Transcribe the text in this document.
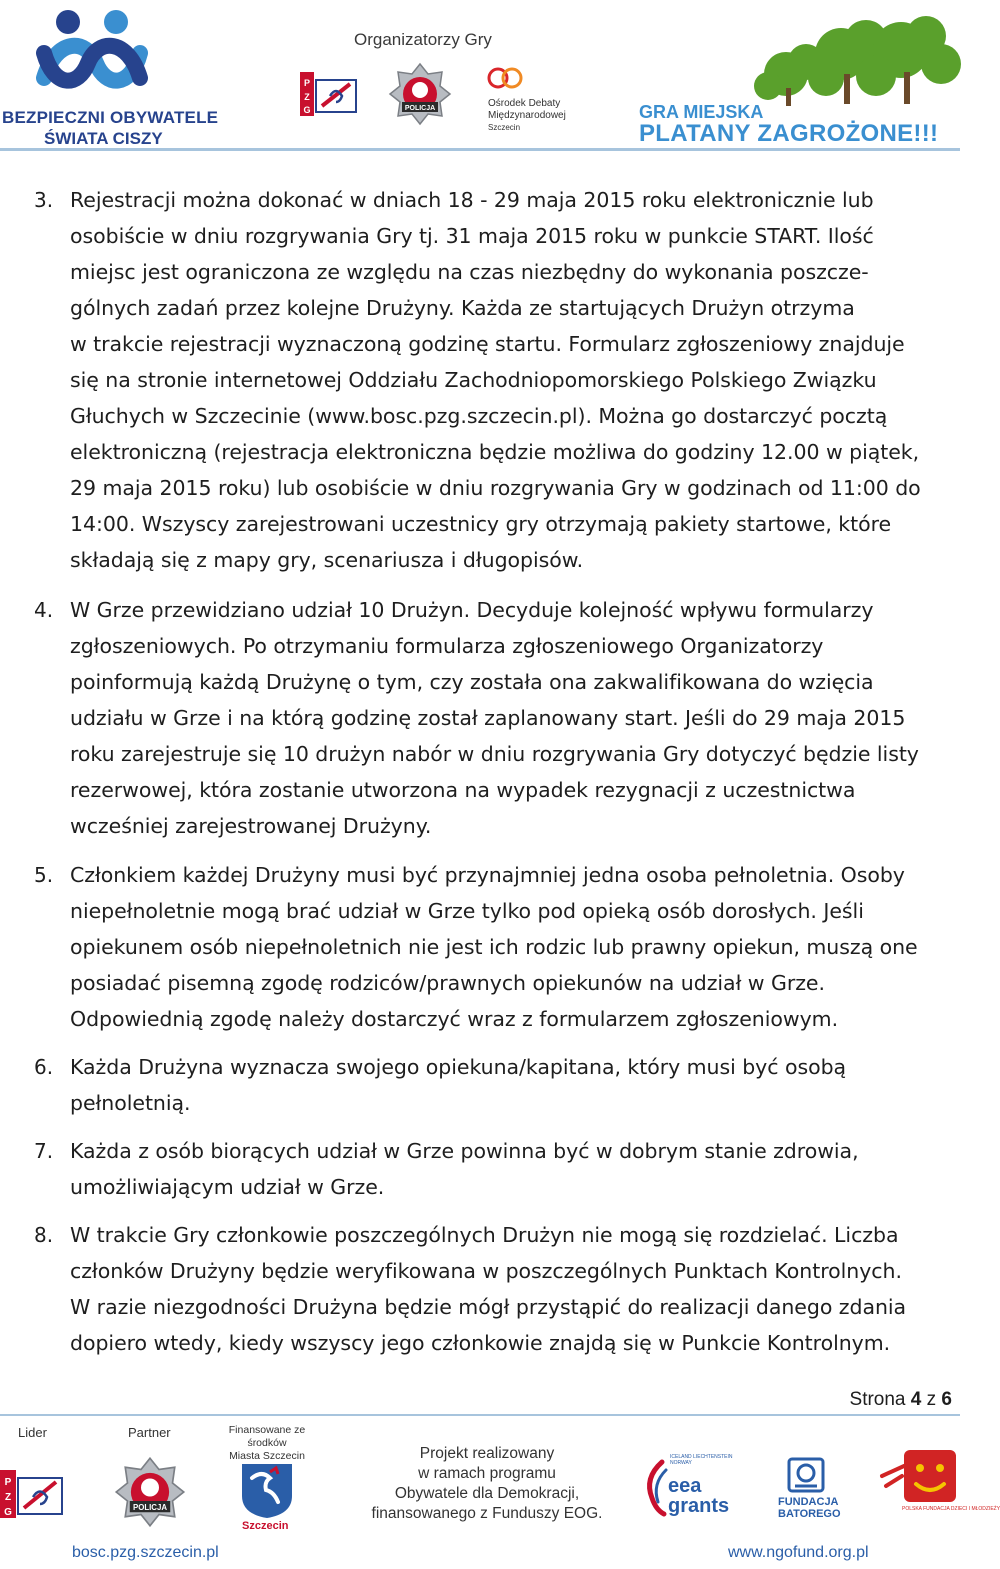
BEZPIECZNI OBYWATELE
ŚWIATA CISZY
Organizatorzy Gry
P
Z
G	POLICJA	Ośrodek Debaty
Międzynarodowej
Szczecin
GRA MIEJSKA
PLATANY ZAGROŻONE!!!
3. Rejestracji można dokonać w dniach 18 - 29 maja 2015 roku elektronicznie lub
osobiście w dniu rozgrywania Gry tj. 31 maja 2015 roku w punkcie START. Ilość
miejsc jest ograniczona ze względu na czas niezbędny do wykonania poszcze-
gólnych zadań przez kolejne Drużyny. Każda ze startujących Drużyn otrzyma
w trakcie rejestracji wyznaczoną godzinę startu. Formularz zgłoszeniowy znajduje
się na stronie internetowej Oddziału Zachodniopomorskiego Polskiego Związku
Głuchych w Szczecinie (www.bosc.pzg.szczecin.pl). Można go dostarczyć pocztą
elektroniczną (rejestracja elektroniczna będzie możliwa do godziny 12.00 w piątek,
29 maja 2015 roku) lub osobiście w dniu rozgrywania Gry w godzinach od 11:00 do
14:00. Wszyscy zarejestrowani uczestnicy gry otrzymają pakiety startowe, które
składają się z mapy gry, scenariusza i długopisów.
4. W Grze przewidziano udział 10 Drużyn. Decyduje kolejność wpływu formularzy
zgłoszeniowych. Po otrzymaniu formularza zgłoszeniowego Organizatorzy
poinformują każdą Drużynę o tym, czy została ona zakwalifikowana do wzięcia
udziału w Grze i na którą godzinę został zaplanowany start. Jeśli do 29 maja 2015
roku zarejestruje się 10 drużyn nabór w dniu rozgrywania Gry dotyczyć będzie listy
rezerwowej, która zostanie utworzona na wypadek rezygnacji z uczestnictwa
wcześniej zarejestrowanej Drużyny.
5. Członkiem każdej Drużyny musi być przynajmniej jedna osoba pełnoletnia. Osoby
niepełnoletnie mogą brać udział w Grze tylko pod opieką osób dorosłych. Jeśli
opiekunem osób niepełnoletnich nie jest ich rodzic lub prawny opiekun, muszą one
posiadać pisemną zgodę rodziców/prawnych opiekunów na udział w Grze.
Odpowiednią zgodę należy dostarczyć wraz z formularzem zgłoszeniowym.
6. Każda Drużyna wyznacza swojego opiekuna/kapitana, który musi być osobą
pełnoletnią.
7. Każda z osób biorących udział w Grze powinna być w dobrym stanie zdrowia,
umożliwiającym udział w Grze.
8. W trakcie Gry członkowie poszczególnych Drużyn nie mogą się rozdzielać. Liczba
członków Drużyny będzie weryfikowana w poszczególnych Punktach Kontrolnych.
W razie niezgodności Drużyna będzie mógł przystąpić do realizacji danego zdania
dopiero wtedy, kiedy wszyscy jego członkowie znajdą się w Punkcie Kontrolnym.
Strona 4 z 6
Lider	Partner	Finansowane ze środków
Miasta Szczecin
P
Z
G	POLICJA
Szczecin
Projekt realizowany
w ramach programu
Obywatele dla Demokracji,
finansowanego z Funduszy EOG.
ICELAND LIECHTENSTEIN NORWAY
eea
grants	FUNDACJA
BATOREGO	POLSKA FUNDACJA DZIECI I MŁODZIEŻY
bosc.pzg.szczecin.pl	www.ngofund.org.pl
